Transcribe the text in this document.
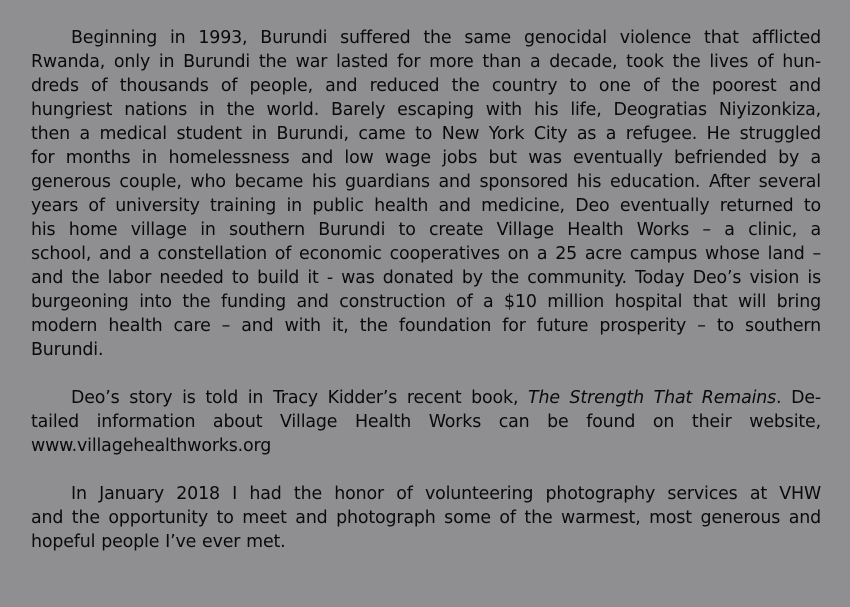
Beginning in 1993, Burundi suffered the same genocidal violence that afflicted
Rwanda, only in Burundi the war lasted for more than a decade, took the lives of hun-
dreds of thousands of people, and reduced the country to one of the poorest and
hungriest nations in the world. Barely escaping with his life, Deogratias Niyizonkiza,
then a medical student in Burundi, came to New York City as a refugee. He struggled
for months in homelessness and low wage jobs but was eventually befriended by a
generous couple, who became his guardians and sponsored his education. After several
years of university training in public health and medicine, Deo eventually returned to
his home village in southern Burundi to create Village Health Works – a clinic, a
school, and a constellation of economic cooperatives on a 25 acre campus whose land –
and the labor needed to build it - was donated by the community. Today Deo’s vision is
burgeoning into the funding and construction of a $10 million hospital that will bring
modern health care – and with it, the foundation for future prosperity – to southern
Burundi.
Deo’s story is told in Tracy Kidder’s recent book, The Strength That Remains. De-
tailed information about Village Health Works can be found on their website,
www.villagehealthworks.org
In January 2018 I had the honor of volunteering photography services at VHW
and the opportunity to meet and photograph some of the warmest, most generous and
hopeful people I’ve ever met.
